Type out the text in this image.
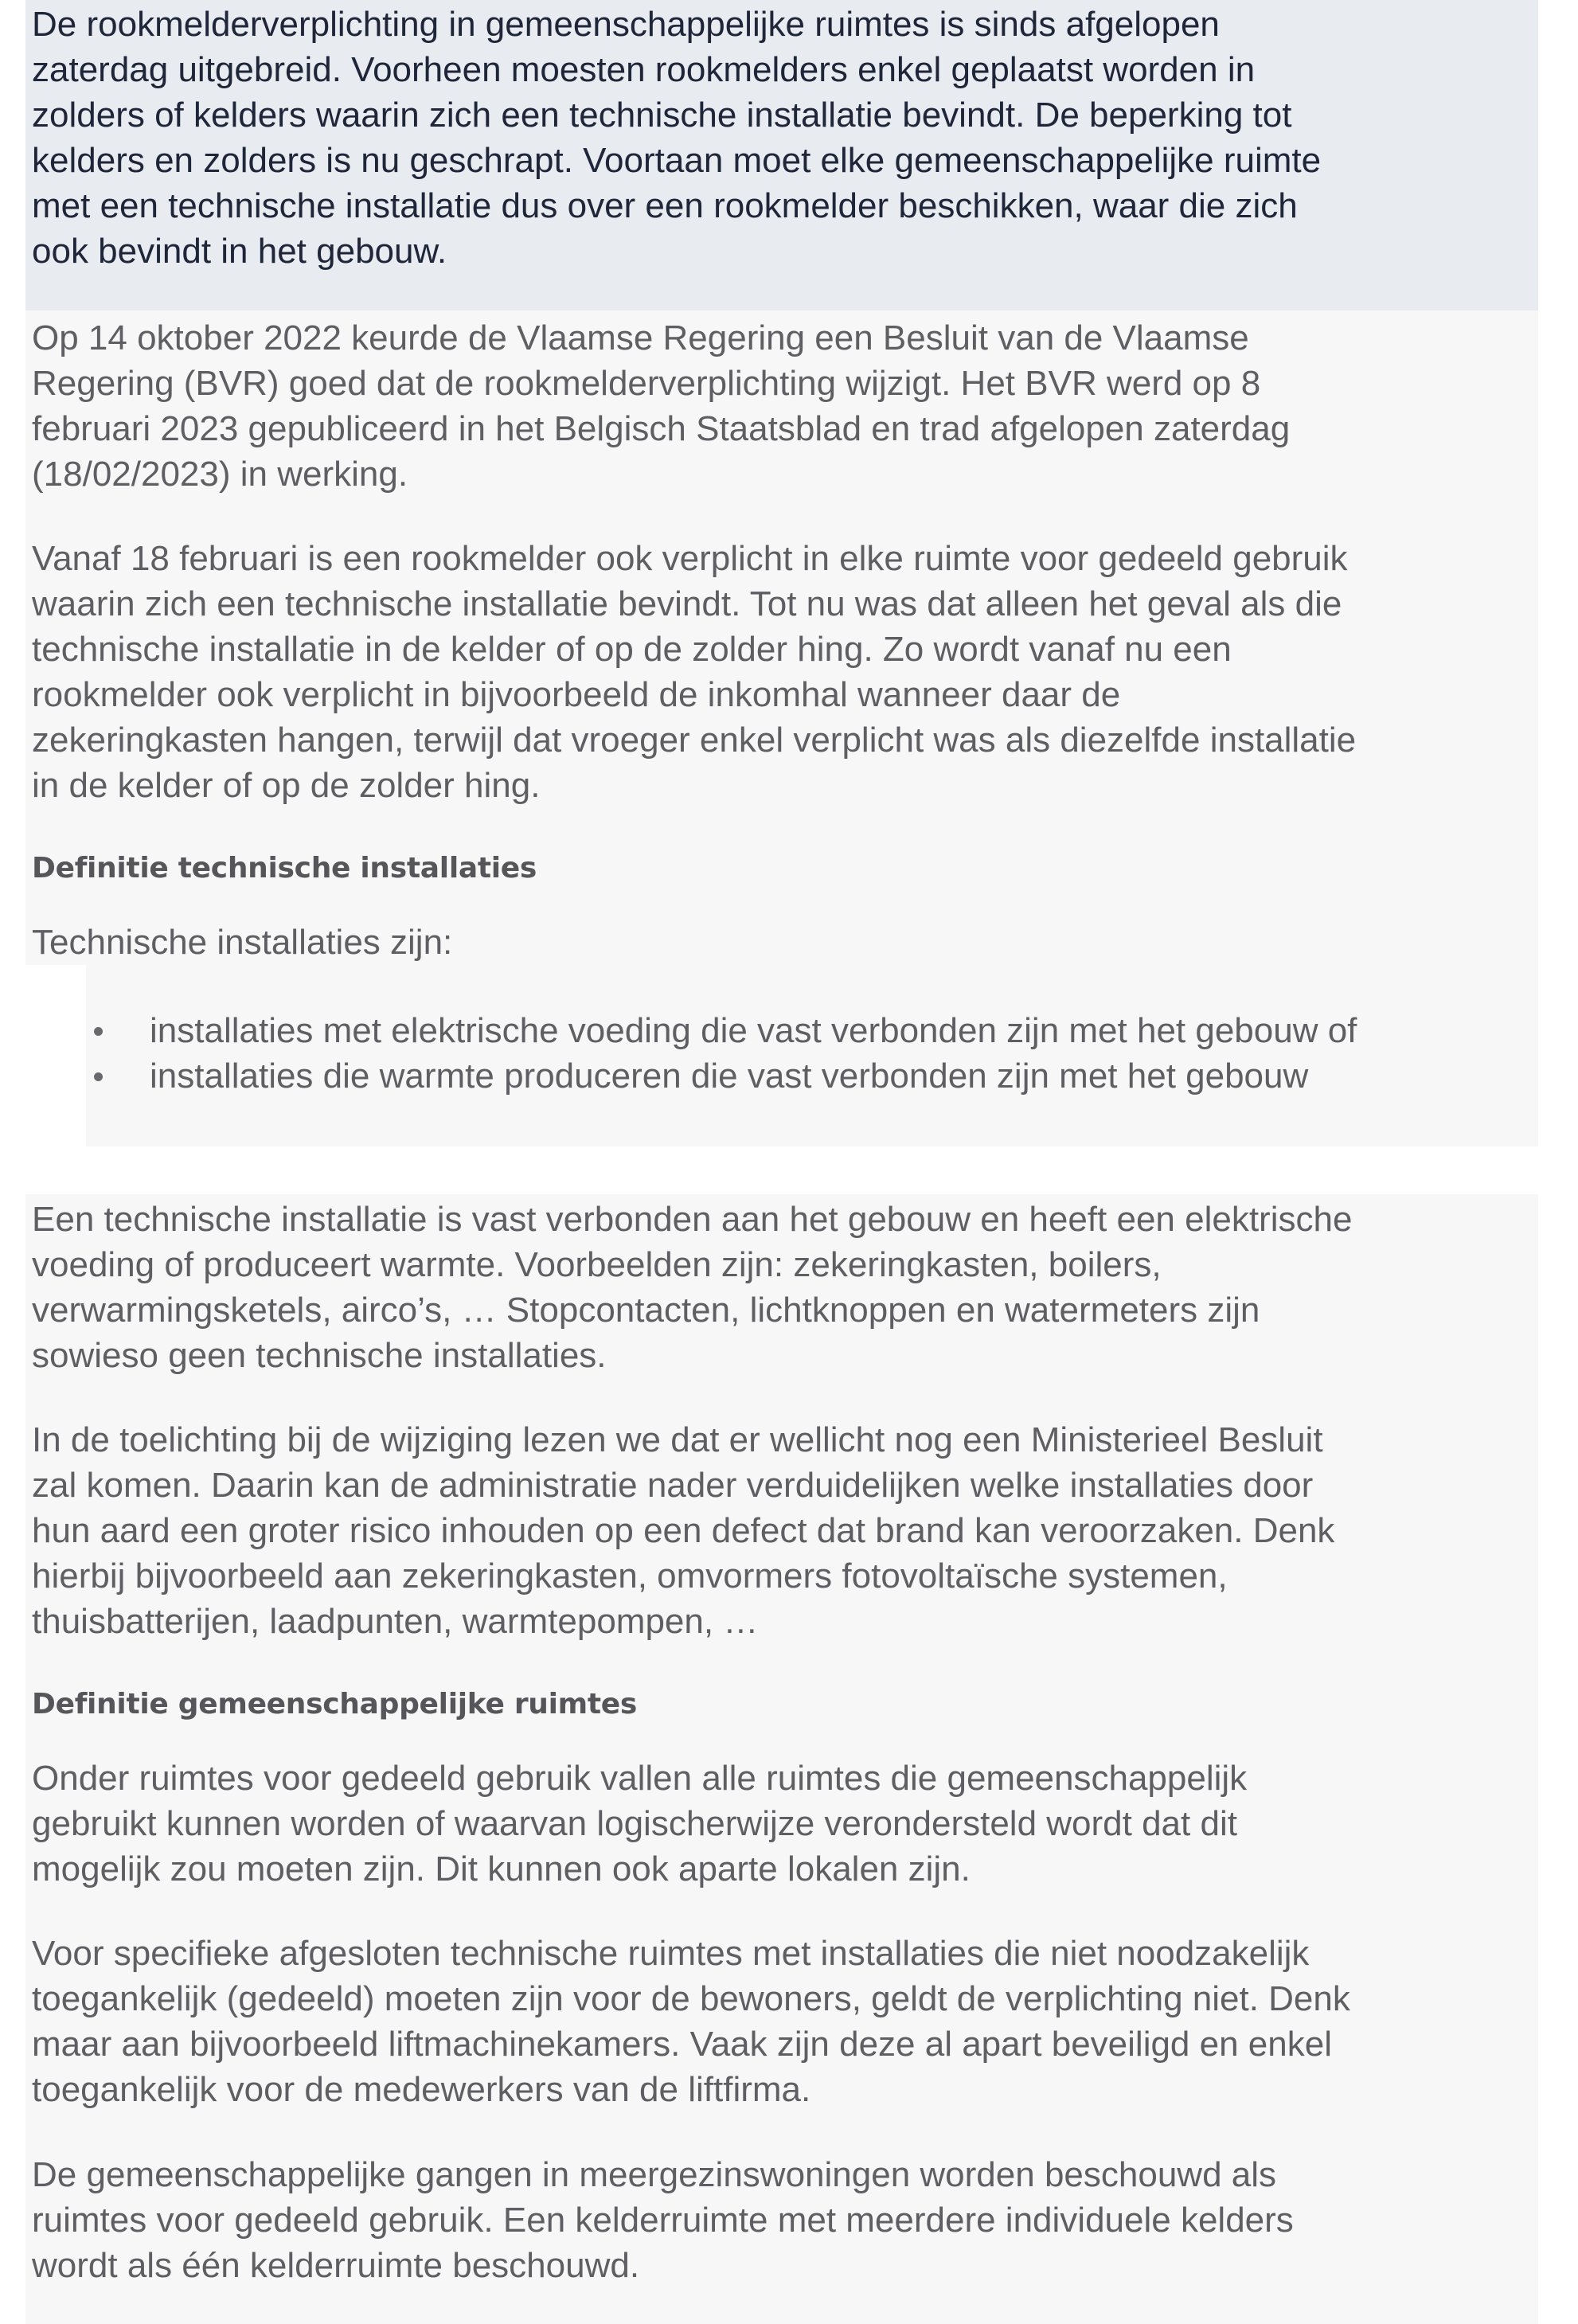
De rookmelderverplichting in gemeenschappelijke ruimtes is sinds afgelopen
zaterdag uitgebreid. Voorheen moesten rookmelders enkel geplaatst worden in
zolders of kelders waarin zich een technische installatie bevindt. De beperking tot
kelders en zolders is nu geschrapt. Voortaan moet elke gemeenschappelijke ruimte
met een technische installatie dus over een rookmelder beschikken, waar die zich
ook bevindt in het gebouw.

Op 14 oktober 2022 keurde de Vlaamse Regering een Besluit van de Vlaamse
Regering (BVR) goed dat de rookmelderverplichting wijzigt. Het BVR werd op 8
februari 2023 gepubliceerd in het Belgisch Staatsblad en trad afgelopen zaterdag
(18/02/2023) in werking.

Vanaf 18 februari is een rookmelder ook verplicht in elke ruimte voor gedeeld gebruik
waarin zich een technische installatie bevindt. Tot nu was dat alleen het geval als die
technische installatie in de kelder of op de zolder hing. Zo wordt vanaf nu een
rookmelder ook verplicht in bijvoorbeeld de inkomhal wanneer daar de
zekeringkasten hangen, terwijl dat vroeger enkel verplicht was als diezelfde installatie
in de kelder of op de zolder hing.

Definitie technische installaties

Technische installaties zijn:

installaties met elektrische voeding die vast verbonden zijn met het gebouw of
installaties die warmte produceren die vast verbonden zijn met het gebouw

Een technische installatie is vast verbonden aan het gebouw en heeft een elektrische
voeding of produceert warmte. Voorbeelden zijn: zekeringkasten, boilers,
verwarmingsketels, airco’s, … Stopcontacten, lichtknoppen en watermeters zijn
sowieso geen technische installaties.

In de toelichting bij de wijziging lezen we dat er wellicht nog een Ministerieel Besluit
zal komen. Daarin kan de administratie nader verduidelijken welke installaties door
hun aard een groter risico inhouden op een defect dat brand kan veroorzaken. Denk
hierbij bijvoorbeeld aan zekeringkasten, omvormers fotovoltaïsche systemen,
thuisbatterijen, laadpunten, warmtepompen, …

Definitie gemeenschappelijke ruimtes

Onder ruimtes voor gedeeld gebruik vallen alle ruimtes die gemeenschappelijk
gebruikt kunnen worden of waarvan logischerwijze verondersteld wordt dat dit
mogelijk zou moeten zijn. Dit kunnen ook aparte lokalen zijn.

Voor specifieke afgesloten technische ruimtes met installaties die niet noodzakelijk
toegankelijk (gedeeld) moeten zijn voor de bewoners, geldt de verplichting niet. Denk
maar aan bijvoorbeeld liftmachinekamers. Vaak zijn deze al apart beveiligd en enkel
toegankelijk voor de medewerkers van de liftfirma.

De gemeenschappelijke gangen in meergezinswoningen worden beschouwd als
ruimtes voor gedeeld gebruik. Een kelderruimte met meerdere individuele kelders
wordt als één kelderruimte beschouwd.
